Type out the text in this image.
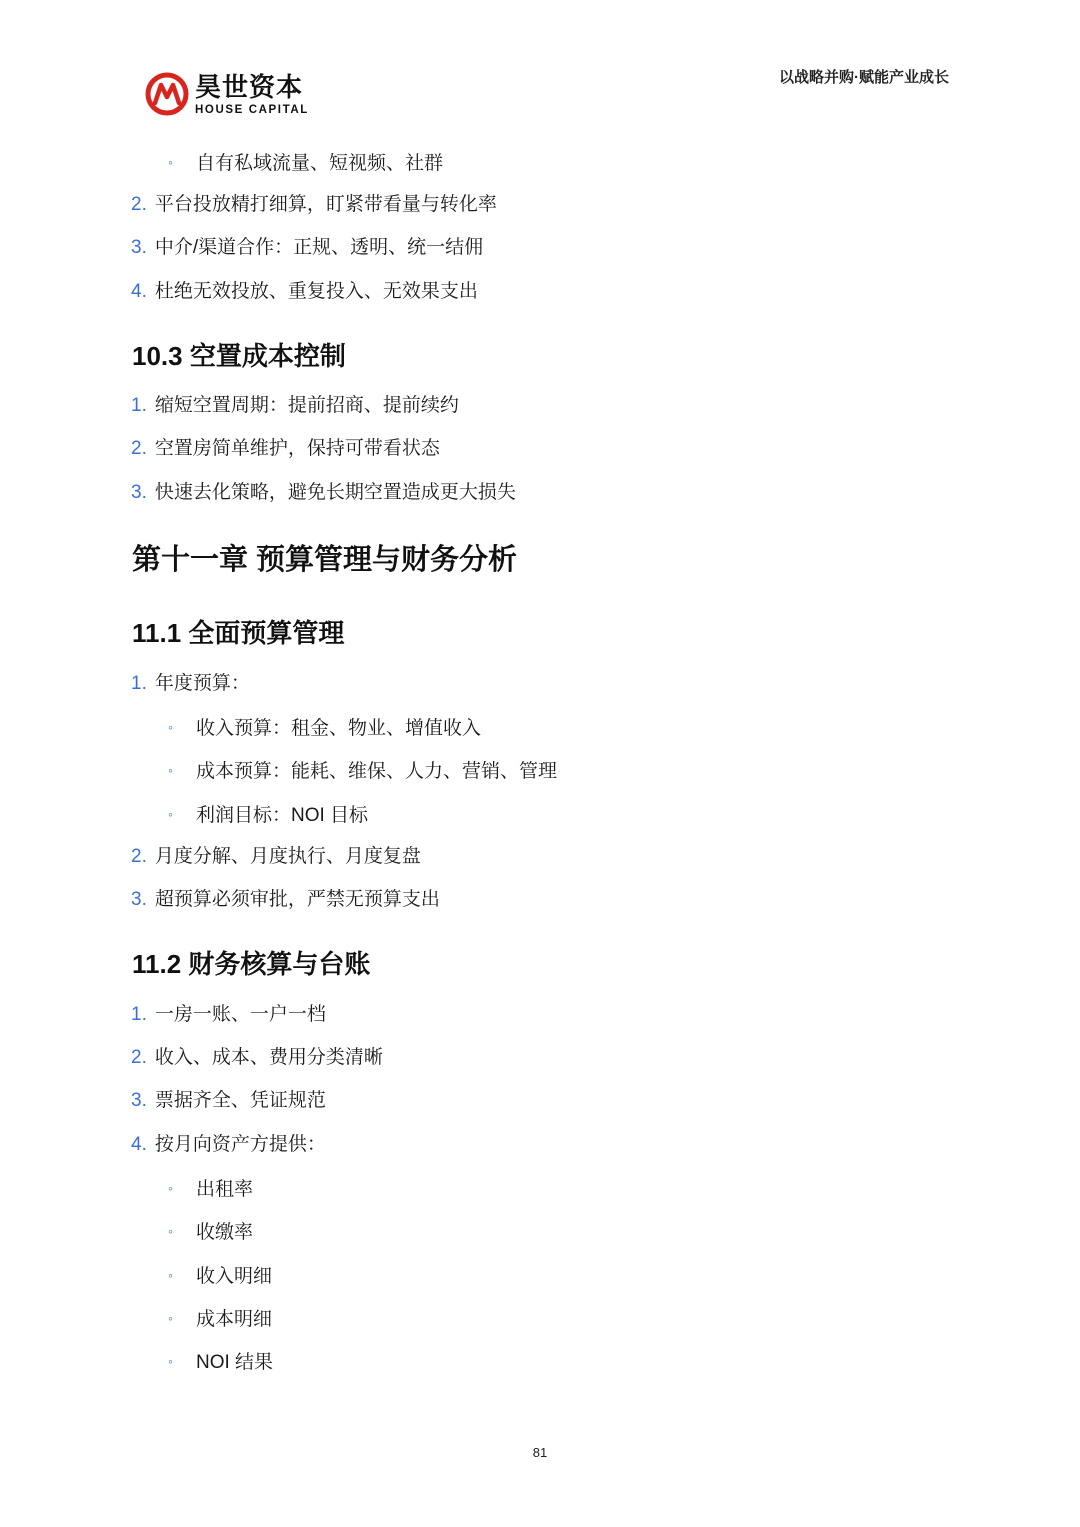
昊世资本
HOUSE CAPITAL
以战略并购·赋能产业成长
◦ 自有私域流量、短视频、社群
2. 平台投放精打细算，盯紧带看量与转化率
3. 中介/渠道合作：正规、透明、统一结佣
4. 杜绝无效投放、重复投入、无效果支出
10.3 空置成本控制
1. 缩短空置周期：提前招商、提前续约
2. 空置房简单维护，保持可带看状态
3. 快速去化策略，避免长期空置造成更大损失
第十一章 预算管理与财务分析
11.1 全面预算管理
1. 年度预算：
◦ 收入预算：租金、物业、增值收入
◦ 成本预算：能耗、维保、人力、营销、管理
◦ 利润目标：NOI 目标
2. 月度分解、月度执行、月度复盘
3. 超预算必须审批，严禁无预算支出
11.2 财务核算与台账
1. 一房一账、一户一档
2. 收入、成本、费用分类清晰
3. 票据齐全、凭证规范
4. 按月向资产方提供：
◦ 出租率
◦ 收缴率
◦ 收入明细
◦ 成本明细
◦ NOI 结果
81
